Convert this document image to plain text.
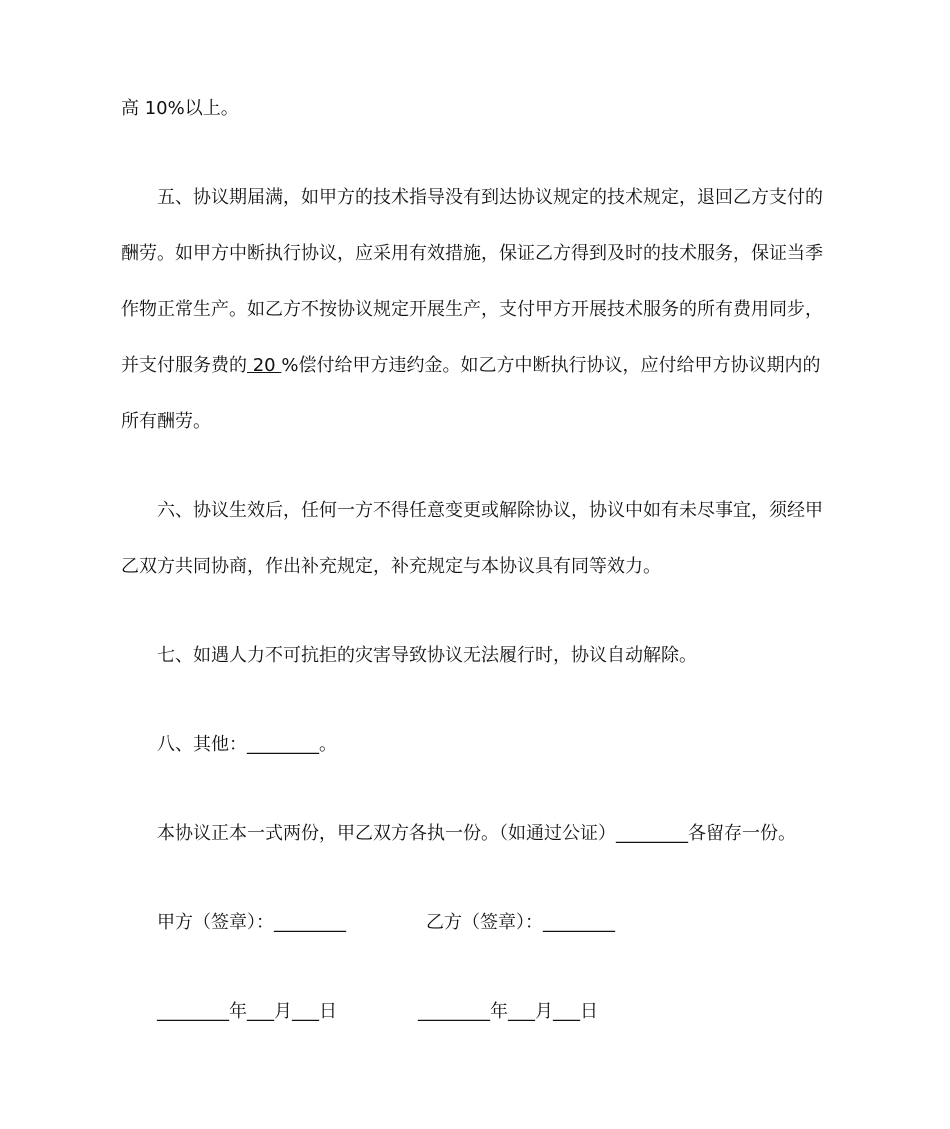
高 10%以上。
五、协议期届满，如甲方的技术指导没有到达协议规定的技术规定，退回乙方支付的
酬劳。如甲方中断执行协议，应采用有效措施，保证乙方得到及时的技术服务，保证当季
作物正常生产。如乙方不按协议规定开展生产，支付甲方开展技术服务的所有费用同步，
并支付服务费的 20 %偿付给甲方违约金。如乙方中断执行协议，应付给甲方协议期内的
所有酬劳。
六、协议生效后，任何一方不得任意变更或解除协议，协议中如有未尽事宜，须经甲
乙双方共同协商，作出补充规定，补充规定与本协议具有同等效力。
七、如遇人力不可抗拒的灾害导致协议无法履行时，协议自动解除。
八、其他：________。
本协议正本一式两份，甲乙双方各执一份。（如通过公证）________各留存一份。
甲方（签章）：________	乙方（签章）：________
________年___月___日	________年___月___日
